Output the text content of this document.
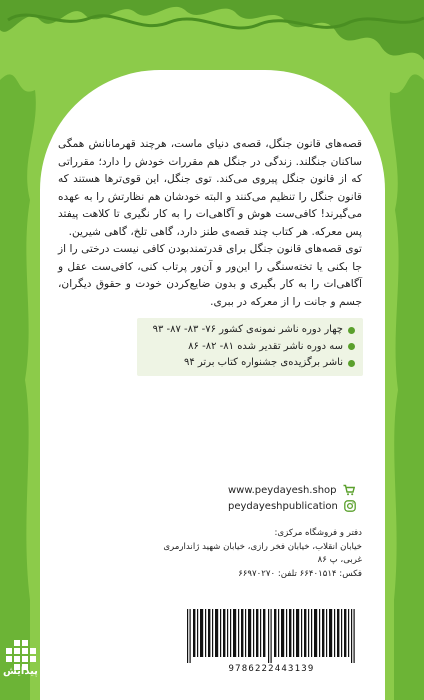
قصه‌های قانون جنگل، قصه‌ی دنیای ماست، هرچند قهرمانانش همگی ساکنان جنگلند. زندگی در جنگل هم مقررات خودش را دارد؛ مقرراتی که از قانون جنگل پیروی می‌کند. توی جنگل، این قوی‌ترها هستند که قانون جنگل را تنظیم می‌کنند و البته خودشان هم نظارتش را به عهده می‌گیرند! کافی‌ست هوش و آگاهی‌ات را به کار نگیری تا کلاهت پیفتد پس معرکه. هر کتاب چند قصه‌ی طنز دارد، گاهی تلخ، گاهی شیرین.

توی قصه‌های قانون جنگل برای قدرتمندبودن کافی نیست درختی را از جا بکنی یا تخته‌سنگی را این‌ور و آن‌ور پرتاب کنی، کافی‌ست عقل و آگاهی‌ات را به کار بگیری و بدون ضایع‌کردن خودت و حقوق دیگران، جسم و جانت را از معرکه در ببری.

چهار دوره ناشر نمونه‌ی کشور ۷۶- ۸۳- ۸۷- ۹۳
سه دوره ناشر تقدیر شده ۸۱- ۸۲- ۸۶
ناشر برگزیده‌ی جشنواره کتاب برتر ۹۴
www.peydayesh.shop
peydayeshpublication
دفتر و فروشگاه مرکزی:
خیابان انقلاب، خیابان فخر رازی، خیابان شهید ژاندارمری غربی، پ ۸۶
فکس: ۶۶۴۰۱۵۱۴ تلفن: ۶۶۹۷۰۲۷۰
9786222443139
پیدایش
